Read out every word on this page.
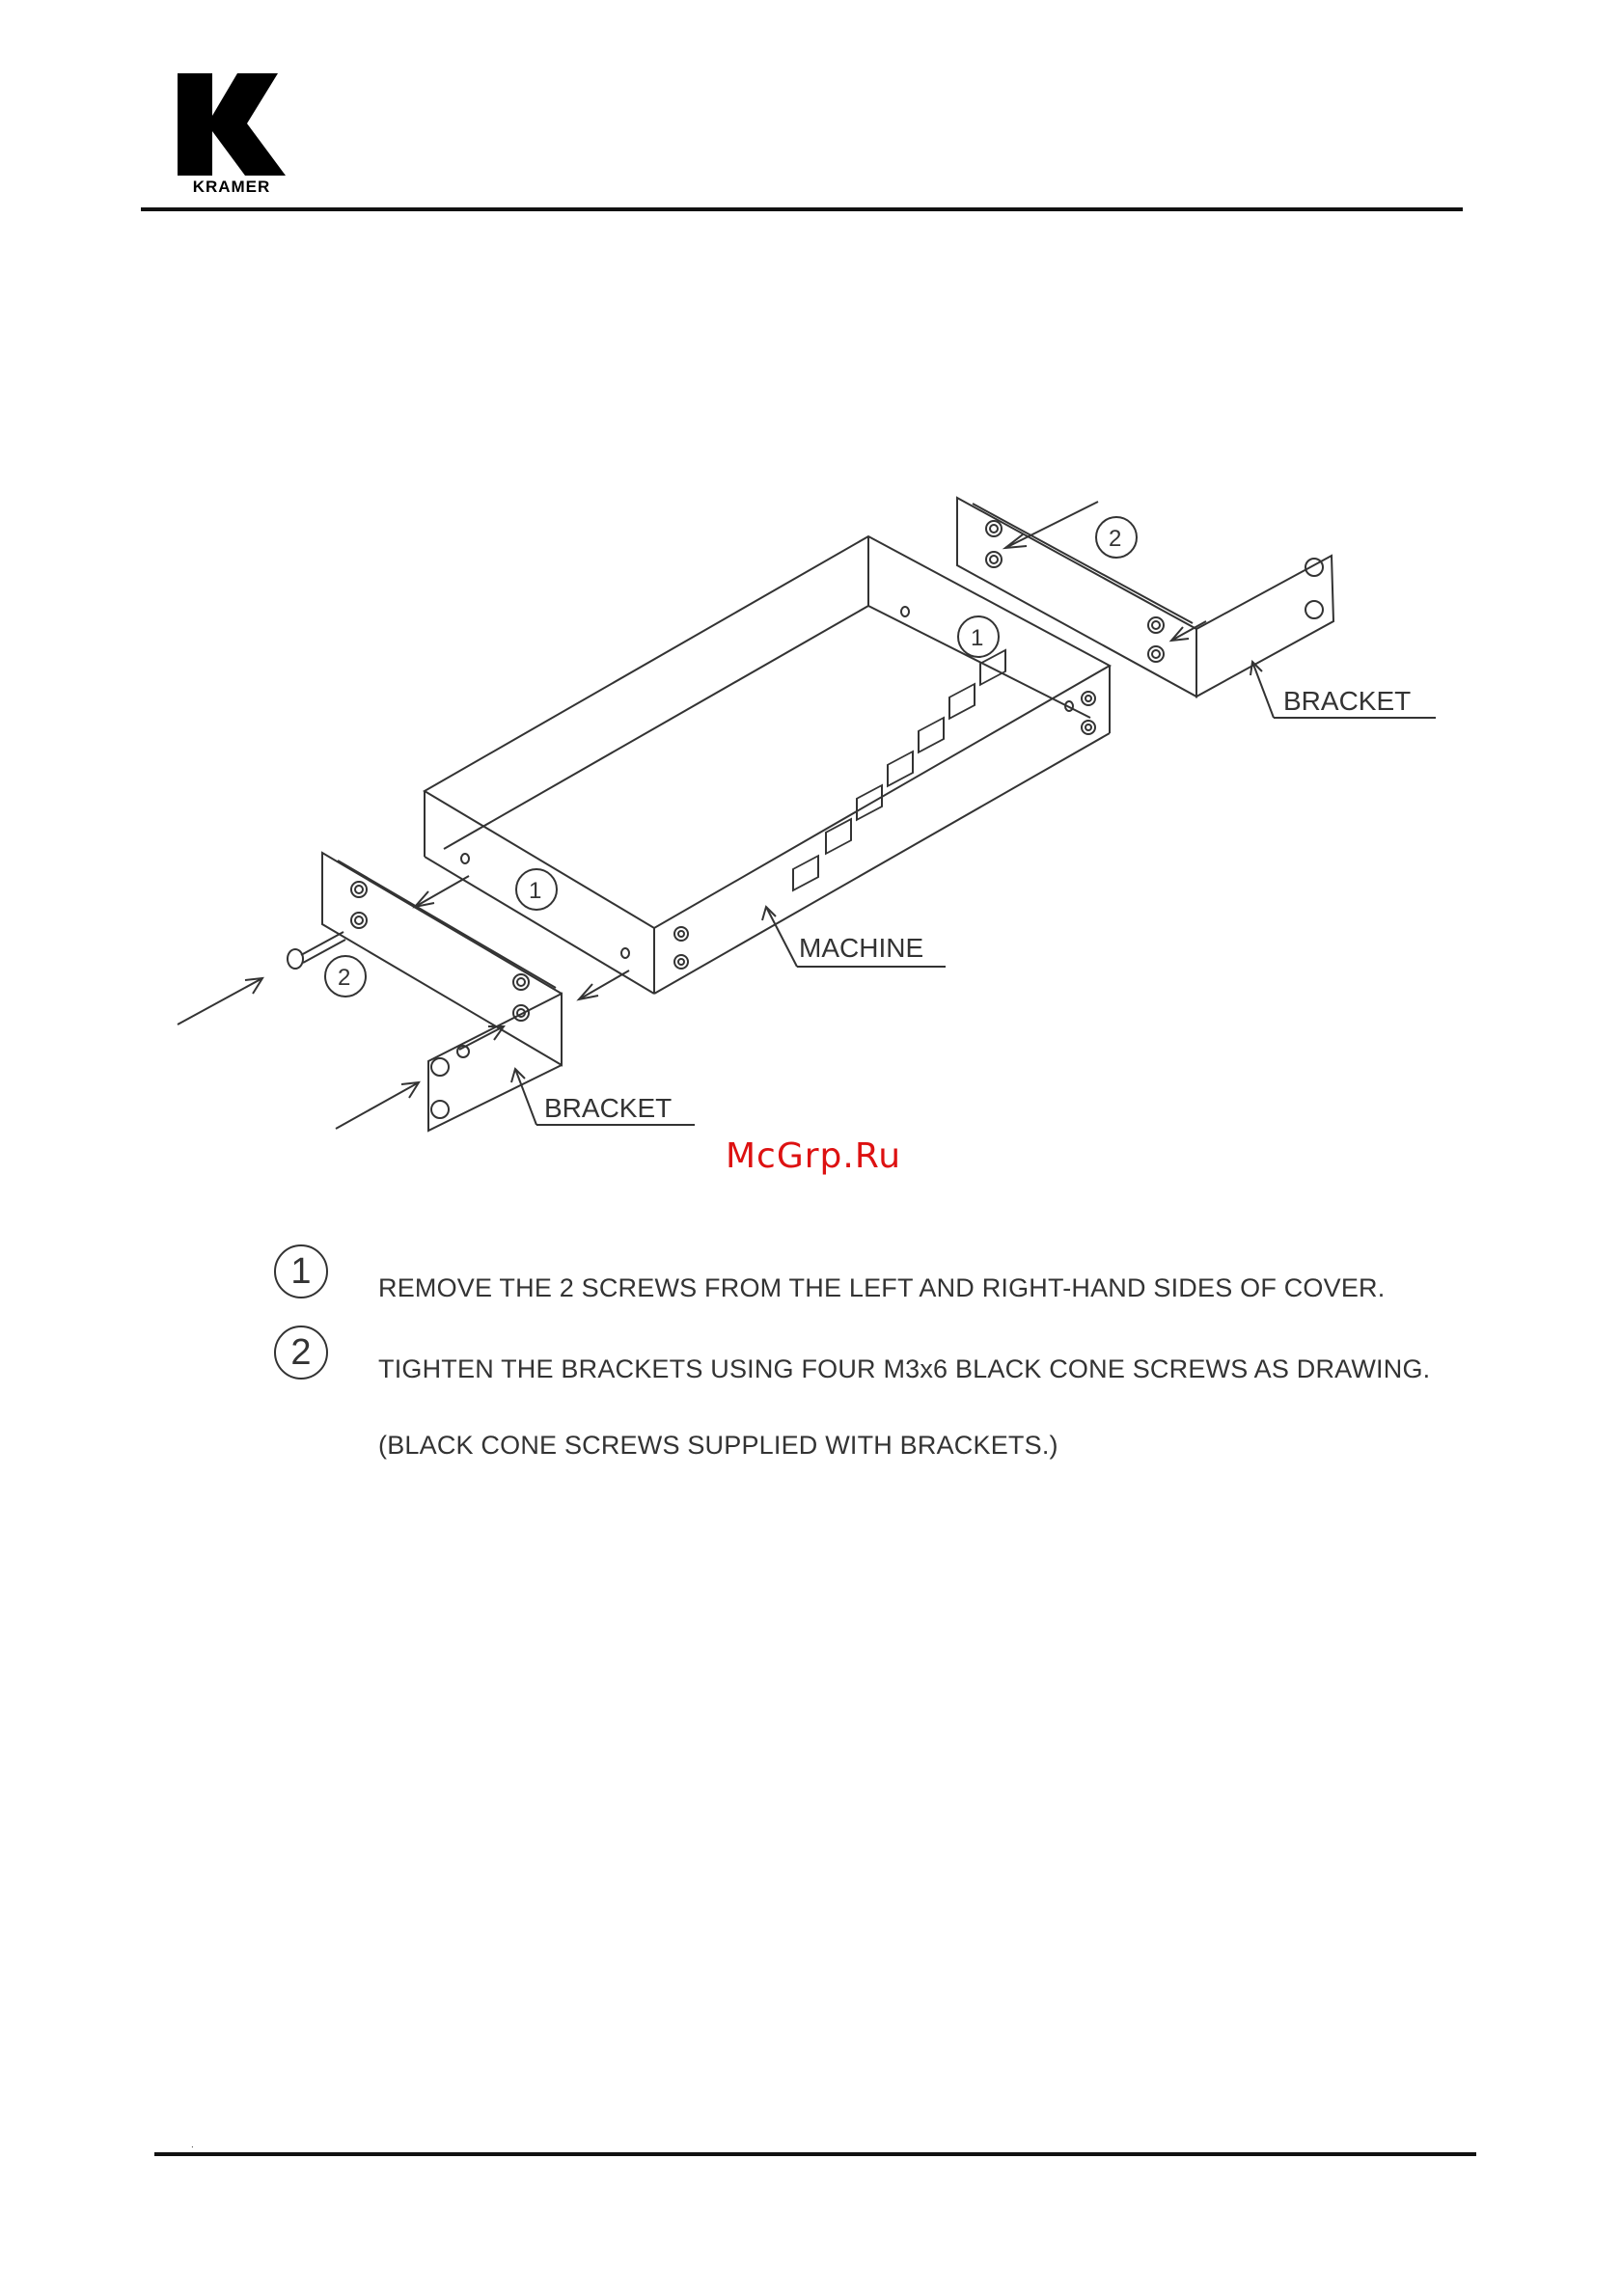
KRAMER
MACHINE
1
1
2
BRACKET
2
BRACKET
McGrp.Ru
1	REMOVE THE 2 SCREWS FROM THE LEFT AND RIGHT-HAND SIDES OF COVER.
2	TIGHTEN THE BRACKETS USING FOUR M3x6 BLACK CONE SCREWS AS DRAWING.
(BLACK CONE SCREWS SUPPLIED WITH BRACKETS.)
.
